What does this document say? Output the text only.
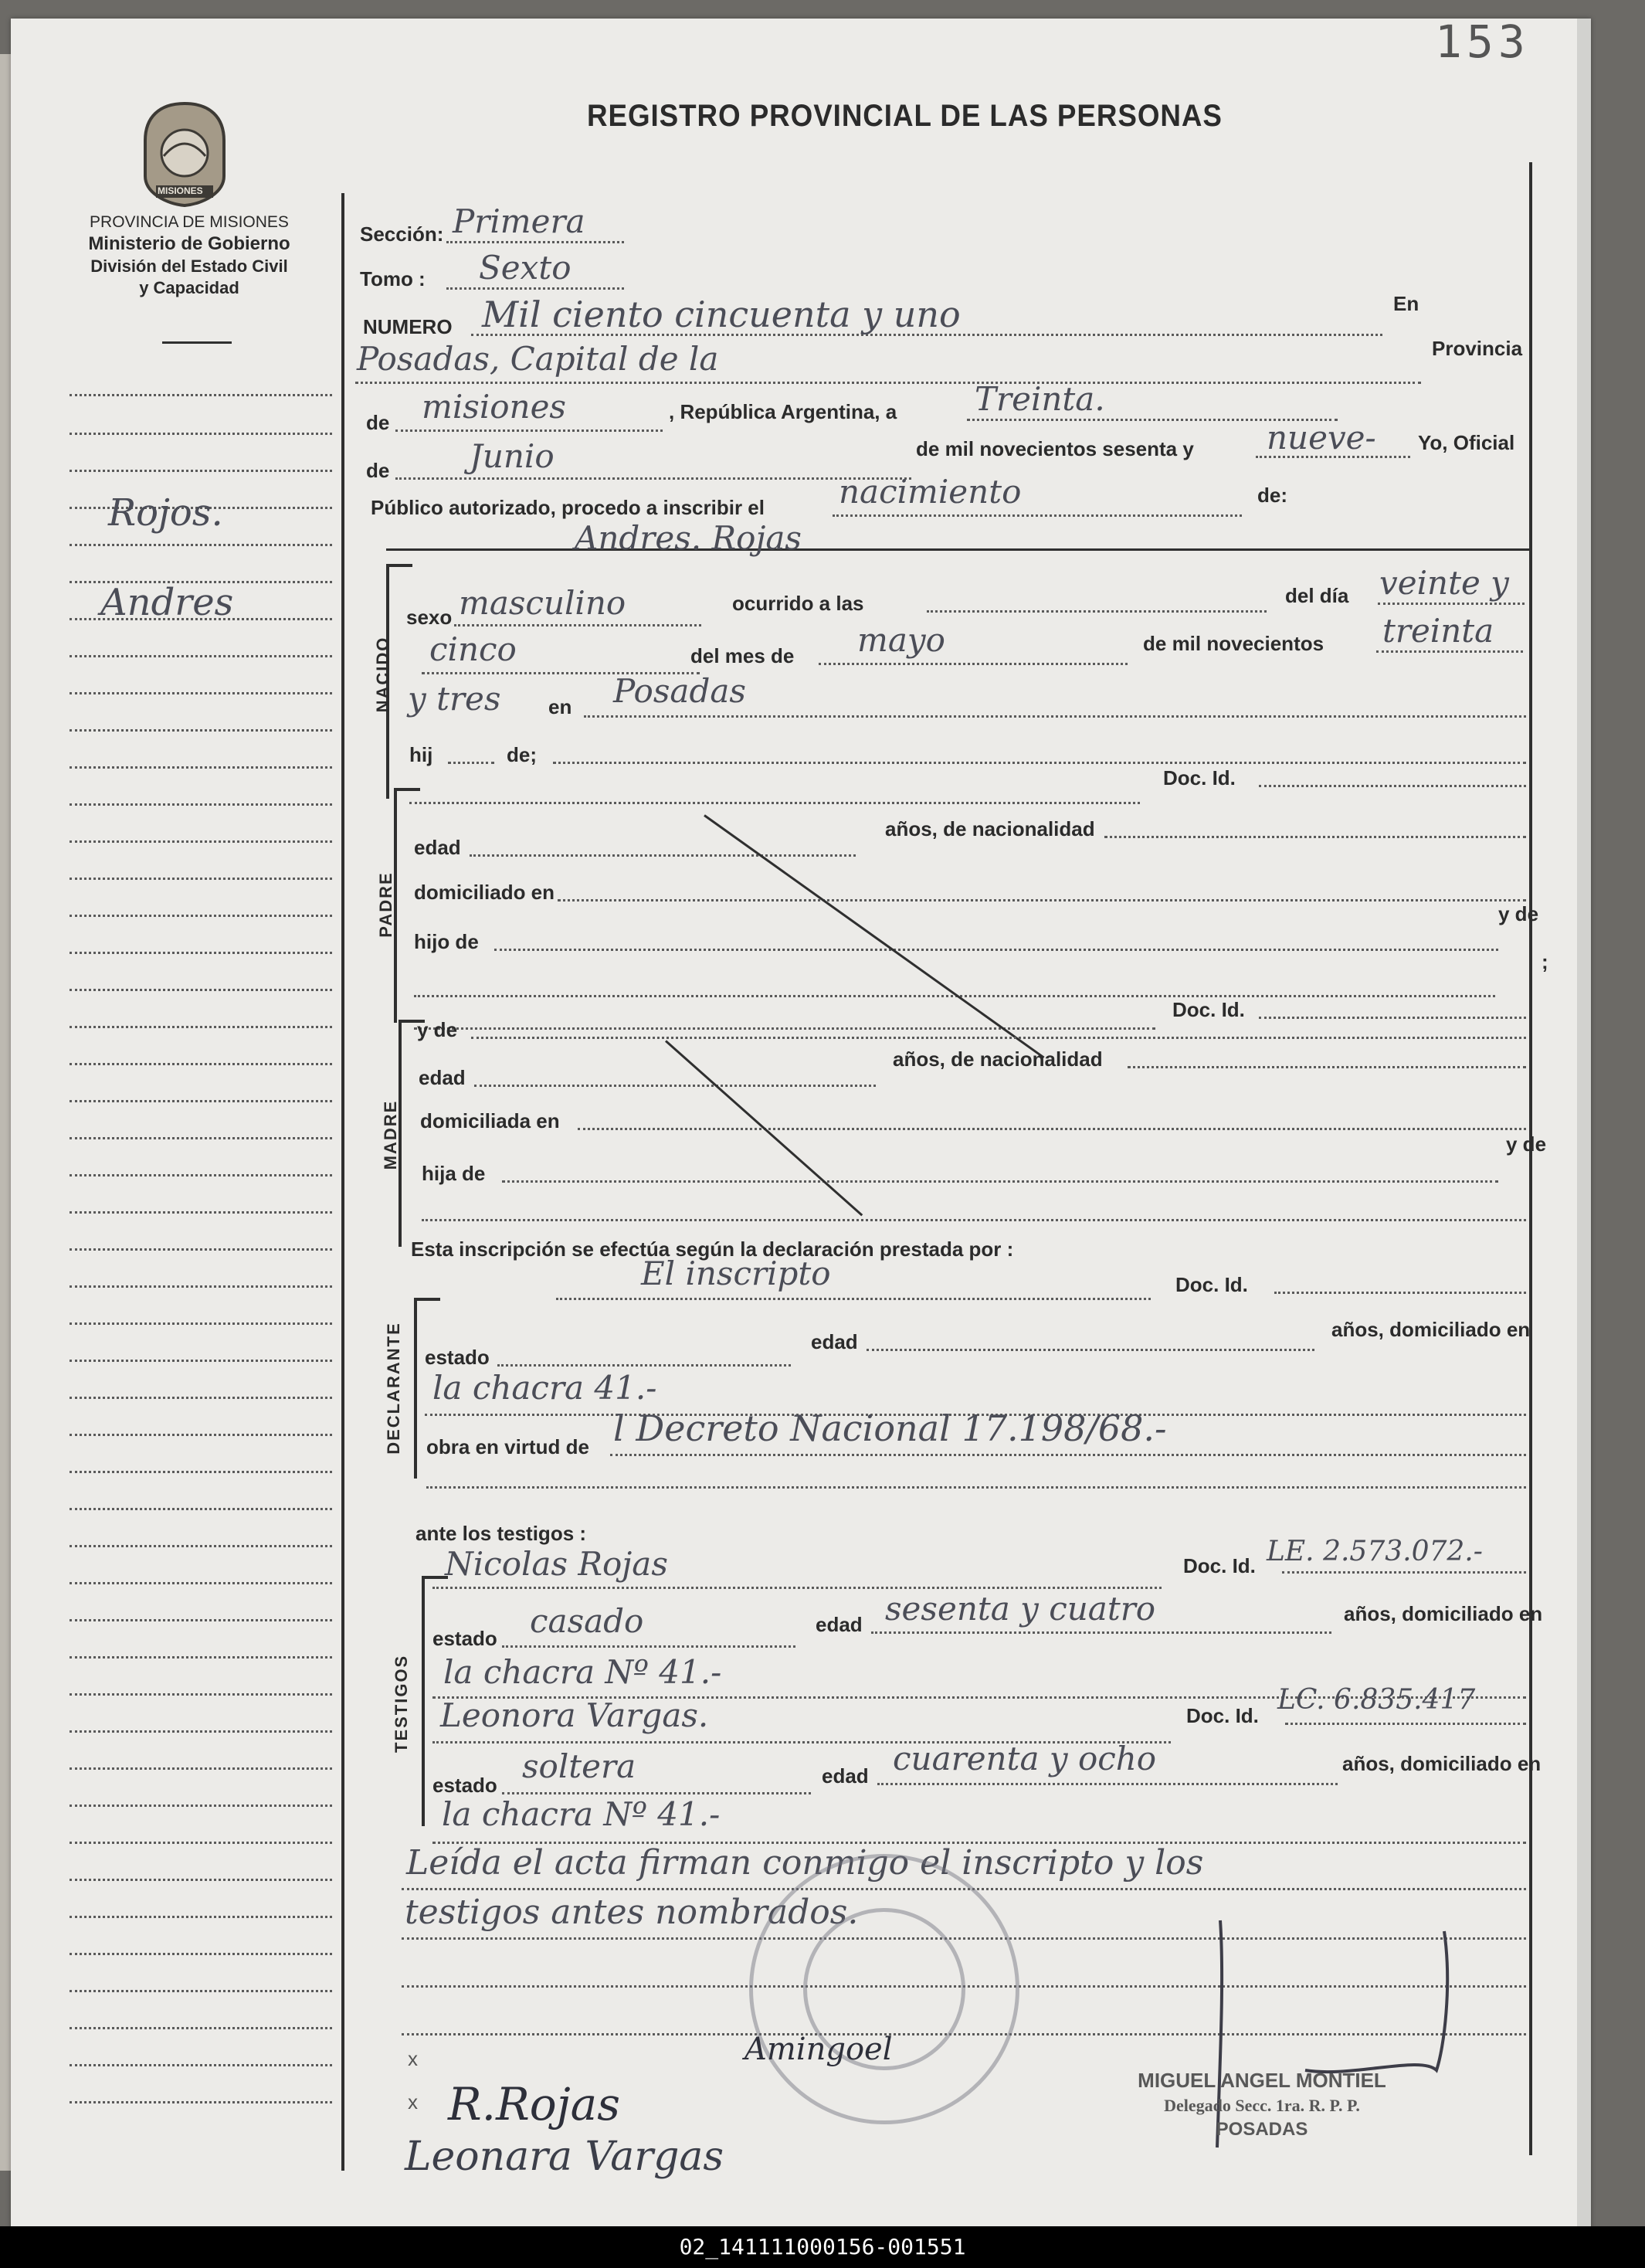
153
MISIONES
PROVINCIA DE MISIONES
Ministerio de Gobierno
División del Estado Civil
y Capacidad
REGISTRO PROVINCIAL DE LAS PERSONAS
Rojos.
Andres
Sección: Primera
Tomo : Sexto
NUMERO Mil ciento cincuenta y uno	En
Posadas, Capital de la	Provincia
de misiones	, República Argentina, a Treinta.
de Junio	de mil novecientos sesenta y nueve- Yo, Oficial
Público autorizado, procedo a inscribir el nacimiento	de:
Andres. Rojas
NACIDO
sexo masculino	ocurrido a las	del día veinte y
cinco	del mes de mayo	de mil novecientos treinta
y tres en Posadas
hij	de;
Doc. Id.
PADRE
edad
años, de nacionalidad
domiciliado en
hijo de
y de
;
Doc. Id.
MADRE
y de
edad
años, de nacionalidad
domiciliada en
hija de
y de
Esta inscripción se efectúa según la declaración prestada por :
El inscripto	Doc. Id.
DECLARANTE estado
edad
años, domiciliado en
la chacra 41.-
obra en virtud de l Decreto Nacional 17.198/68.-
ante los testigos :
Nicolas Rojas	Doc. Id. LE. 2.573.072.-
TESTIGOS
estado casado	edad sesenta y cuatro	años, domiciliado en
la chacra Nº 41.-
Leonora Vargas.	Doc. Id. LC. 6.835.417
estado soltera	edad cuarenta y ocho	años, domiciliado en
la chacra Nº 41.-
Leída el acta firman conmigo el inscripto y los
testigos antes nombrados.
Amingoel
R.Rojas
Leonara Vargas
MIGUEL ANGEL MONTIEL
Delegado Secc. 1ra. R. P. P.
POSADAS
x
x
02_141111000156-001551
